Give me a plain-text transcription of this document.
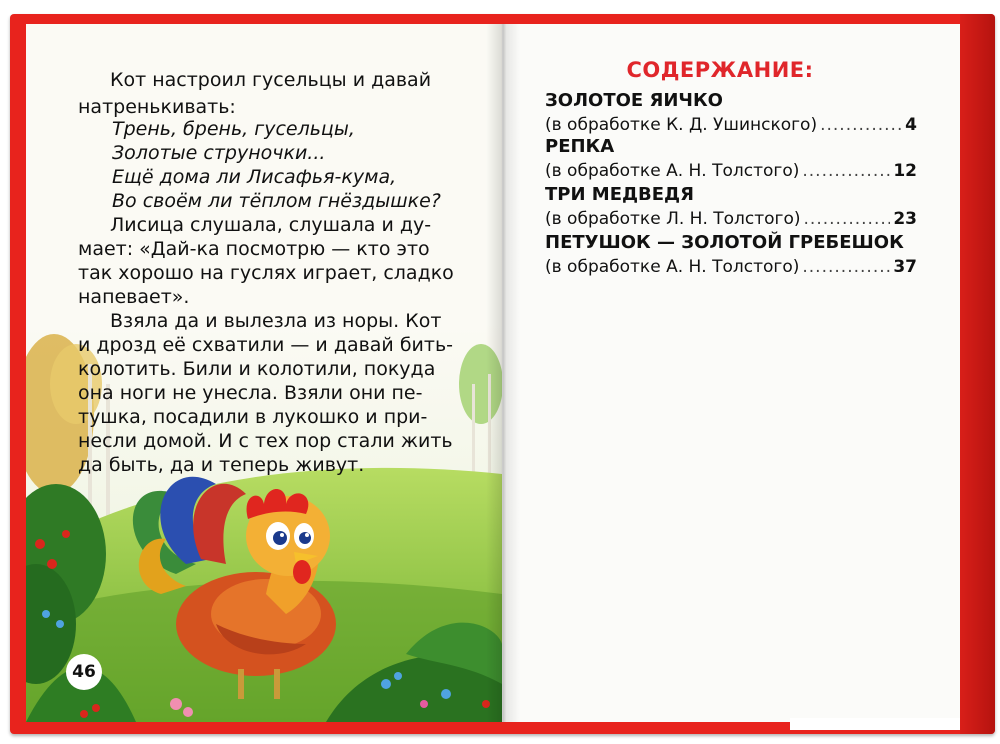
Кот настроил гусельцы и давай
натренькивать:
Трень, брень, гусельцы,
Золотые струночки...
Ещё дома ли Лисафья-кума,
Во своём ли тёплом гнёздышке?
Лисица слушала, слушала и ду-
мает: «Дай-ка посмотрю — кто это
так хорошо на гуслях играет, сладко
напевает».
Взяла да и вылезла из норы. Кот
и дрозд её схватили — и давай бить-
колотить. Били и колотили, покуда
она ноги не унесла. Взяли они пе-
тушка, посадили в лукошко и при-
несли домой. И с тех пор стали жить
да быть, да и теперь живут.
46
СОДЕРЖАНИЕ:
ЗОЛОТОЕ ЯИЧКО
(в обработке К. Д. Ушинского) .....	4
РЕПКА
(в обработке А. Н. Толстого) .....	12
ТРИ МЕДВЕДЯ
(в обработке Л. Н. Толстого) .....	23
ПЕТУШОК — ЗОЛОТОЙ ГРЕБЕШОК
(в обработке А. Н. Толстого) .....	37
